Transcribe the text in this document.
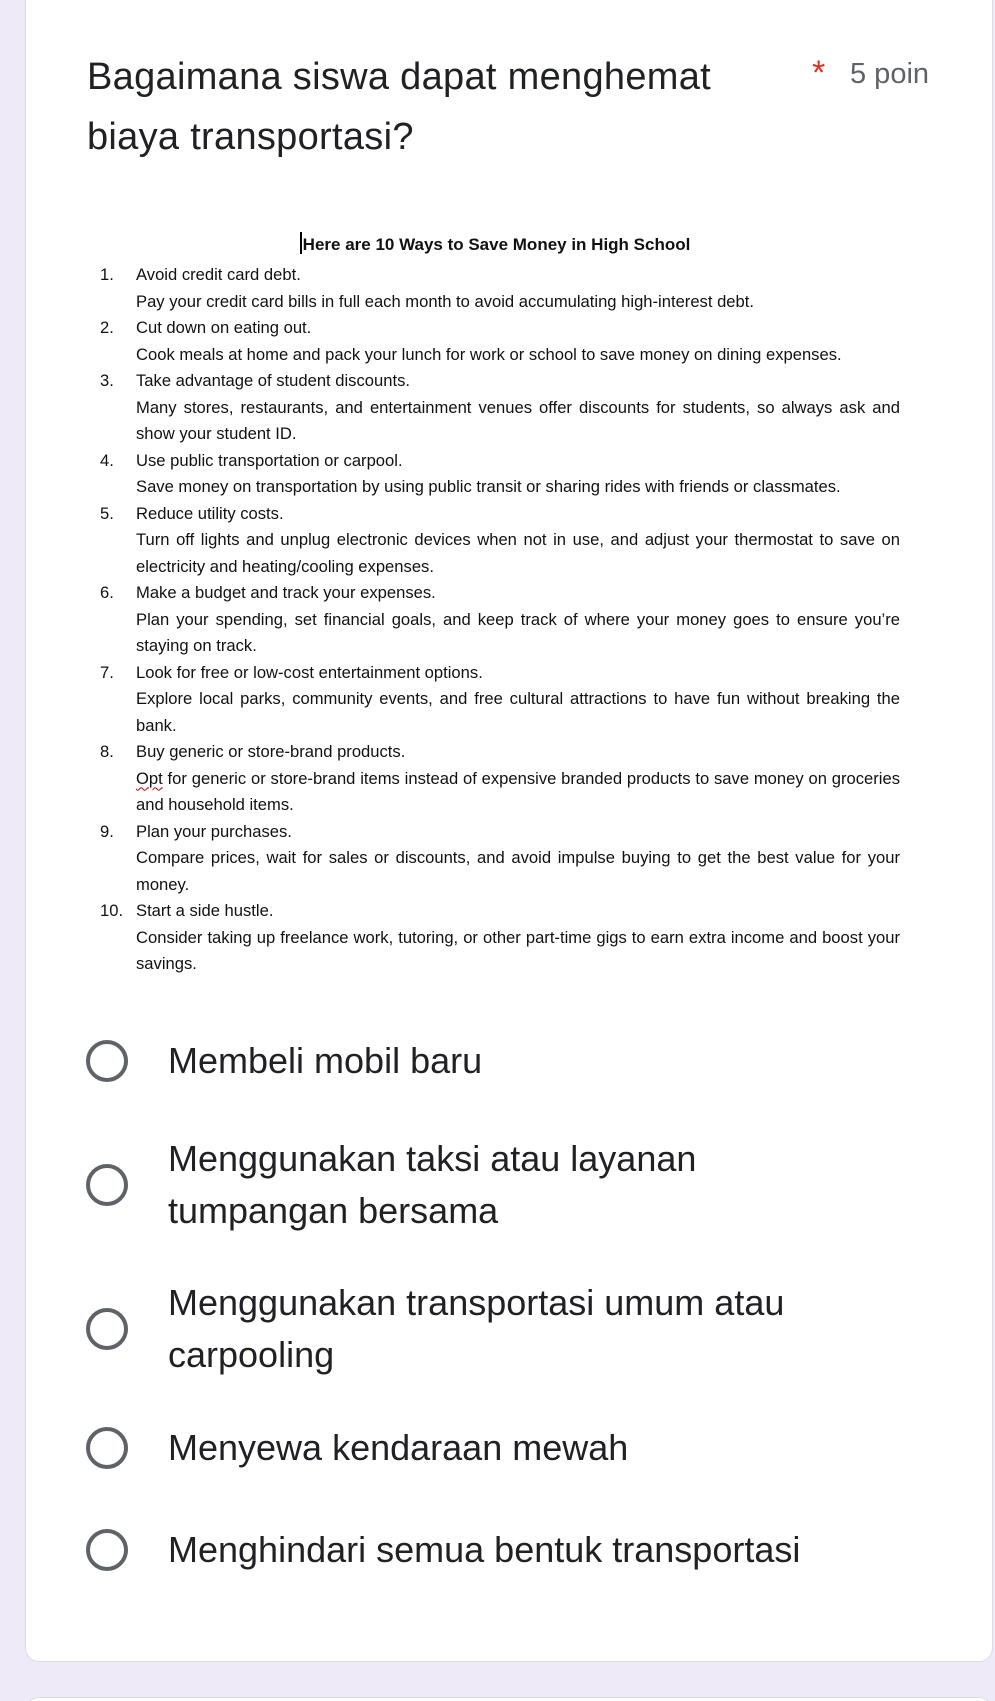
Bagaimana siswa dapat menghemat biaya transportasi?
* 5 poin
Here are 10 Ways to Save Money in High School
1.	Avoid credit card debt.
Pay your credit card bills in full each month to avoid accumulating high-interest debt.
2.	Cut down on eating out.
Cook meals at home and pack your lunch for work or school to save money on dining expenses.
3.	Take advantage of student discounts.
Many stores, restaurants, and entertainment venues offer discounts for students, so always ask and show your student ID.
4.	Use public transportation or carpool.
Save money on transportation by using public transit or sharing rides with friends or classmates.
5.	Reduce utility costs.
Turn off lights and unplug electronic devices when not in use, and adjust your thermostat to save on electricity and heating/cooling expenses.
6.	Make a budget and track your expenses.
Plan your spending, set financial goals, and keep track of where your money goes to ensure you’re staying on track.
7.	Look for free or low-cost entertainment options.
Explore local parks, community events, and free cultural attractions to have fun without breaking the bank.
8.	Buy generic or store-brand products.
Opt for generic or store-brand items instead of expensive branded products to save money on groceries and household items.
9.	Plan your purchases.
Compare prices, wait for sales or discounts, and avoid impulse buying to get the best value for your money.
10. Start a side hustle.
Consider taking up freelance work, tutoring, or other part-time gigs to earn extra income and boost your savings.
Membeli mobil baru
Menggunakan taksi atau layanan tumpangan bersama
Menggunakan transportasi umum atau carpooling
Menyewa kendaraan mewah
Menghindari semua bentuk transportasi
